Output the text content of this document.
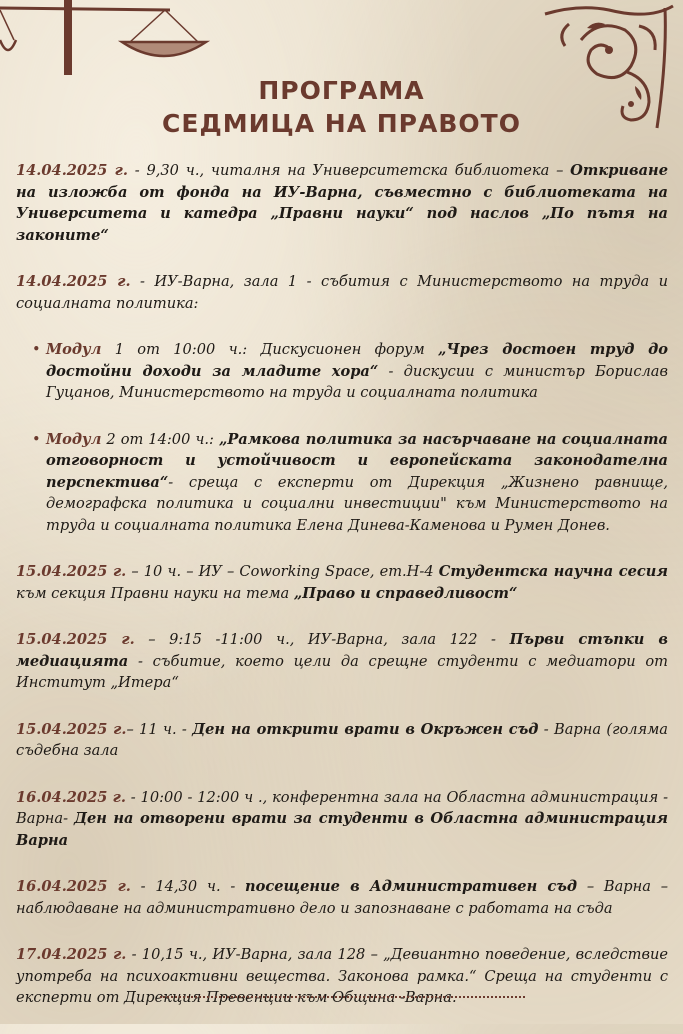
ПРОГРАМА
СЕДМИЦА НА ПРАВОТО

14.04.2025 г. - 9,30 ч., читалня на Университетска библиотека – Откриване на изложба от фонда на ИУ-Варна, съвместно с библиотеката на Университета и катедра „Правни науки“ под наслов „По пътя на законите“

14.04.2025 г. - ИУ-Варна, зала 1 - събития с Министерството на труда и социалната политика:

• Модул 1 от 10:00 ч.: Дискусионен форум „Чрез достоен труд до достойни доходи за младите хора“ - дискусии с министър Борислав Гуцанов, Министерството на труда и социалната политика
• Модул 2 от 14:00 ч.: „Рамкова политика за насърчаване на социалната отговорност и устойчивост и европейската законодателна перспектива“- среща с експерти от Дирекция „Жизнено равнище, демографска политика и социални инвестиции" към Министерството на труда и социалната политика Елена Динева-Каменова и Румен Донев.

15.04.2025 г. – 10 ч. – ИУ – Coworking Space, ет.Н-4 Студентска научна сесия към секция Правни науки на тема „Право и справедливост“

15.04.2025 г. – 9:15 -11:00 ч., ИУ-Варна, зала 122 - Първи стъпки в медиацията - събитие, което цели да срещне студенти с медиатори от Институт „Итера“

15.04.2025 г.– 11 ч. - Ден на открити врати в Окръжен съд - Варна (голяма съдебна зала

16.04.2025 г. - 10:00 - 12:00 ч ., конферентна зала на Областна администрация - Варна- Ден на отворени врати за студенти в Областна администрация Варна

16.04.2025 г. - 14,30 ч. - посещение в Административен съд – Варна – наблюдаване на административно дело и запознаване с работата на съда

17.04.2025 г. - 10,15 ч., ИУ-Варна, зала 128 – „Девиантно поведение, вследствие употреба на психоактивни вещества. Законова рамка.“ Среща на студенти с експерти от Дирекция Превенции към Община -Варна.
